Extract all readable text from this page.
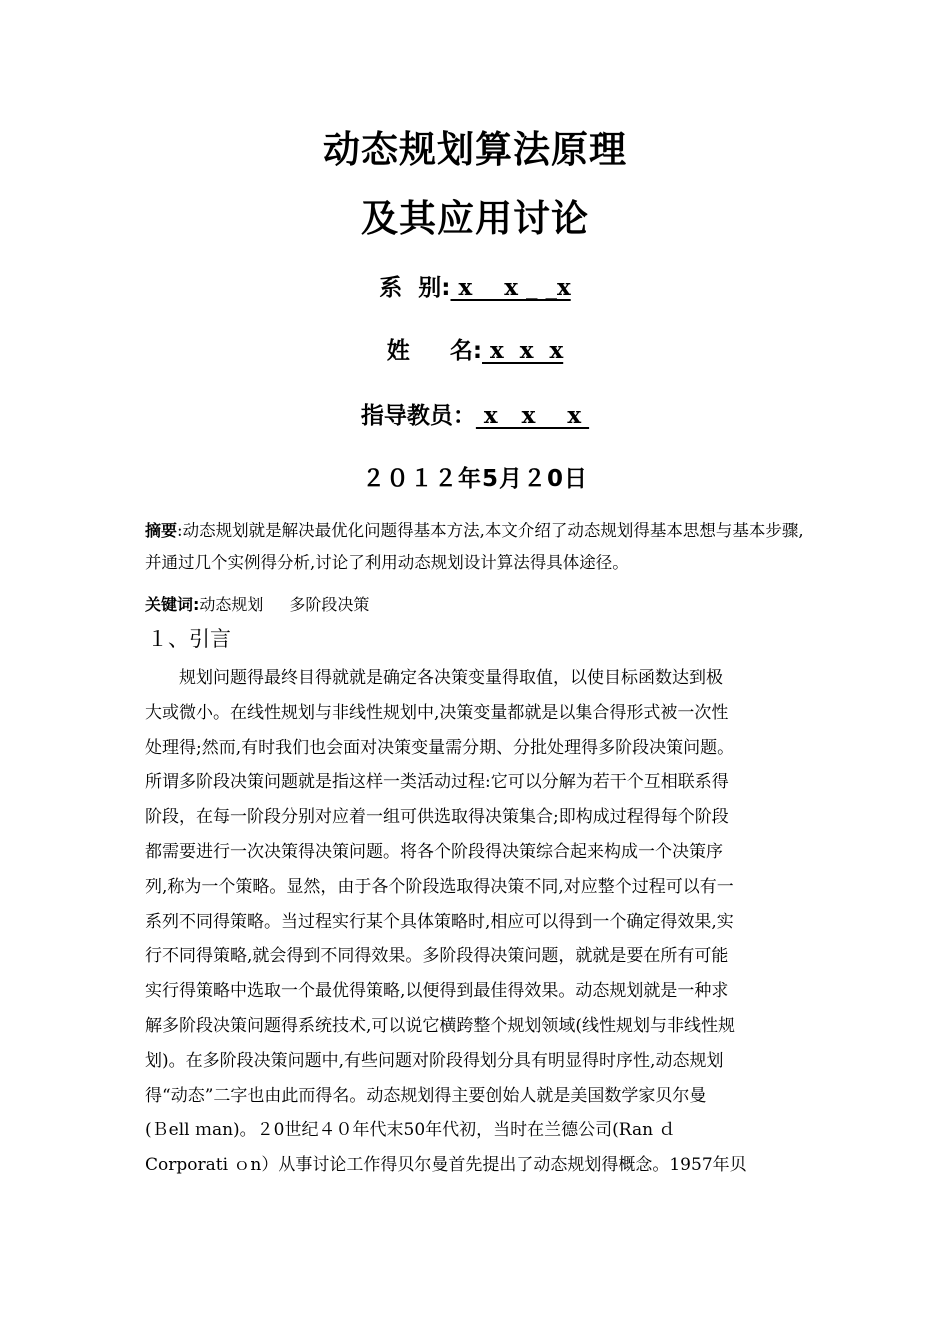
动态规划算法原理
及其应用讨论
系  别: x    x _ _x
姓     名: x  x  x
指导教员： x   x    x
２０１２年5月２0日
摘要:动态规划就是解决最优化问题得基本方法,本文介绍了动态规划得基本思想与基本步骤,并通过几个实例得分析,讨论了利用动态规划设计算法得具体途径。
关键词:动态规划 多阶段决策
１、引言
规划问题得最终目得就就是确定各决策变量得取值，以使目标函数达到极
大或微小。在线性规划与非线性规划中,决策变量都就是以集合得形式被一次性
处理得;然而,有时我们也会面对决策变量需分期、分批处理得多阶段决策问题。
所谓多阶段决策问题就是指这样一类活动过程:它可以分解为若干个互相联系得
阶段，在每一阶段分别对应着一组可供选取得决策集合;即构成过程得每个阶段
都需要进行一次决策得决策问题。将各个阶段得决策综合起来构成一个决策序
列,称为一个策略。显然，由于各个阶段选取得决策不同,对应整个过程可以有一
系列不同得策略。当过程实行某个具体策略时,相应可以得到一个确定得效果,实
行不同得策略,就会得到不同得效果。多阶段得决策问题，就就是要在所有可能
实行得策略中选取一个最优得策略,以便得到最佳得效果。动态规划就是一种求
解多阶段决策问题得系统技术,可以说它横跨整个规划领域(线性规划与非线性规
划)。在多阶段决策问题中,有些问题对阶段得划分具有明显得时序性,动态规划
得“动态”二字也由此而得名。动态规划得主要创始人就是美国数学家贝尔曼
(Ｂell ｍan)。２0世纪４０年代末50年代初，当时在兰德公司(Ran ｄ
Corporati ｏn）从事讨论工作得贝尔曼首先提出了动态规划得概念。1957年贝
